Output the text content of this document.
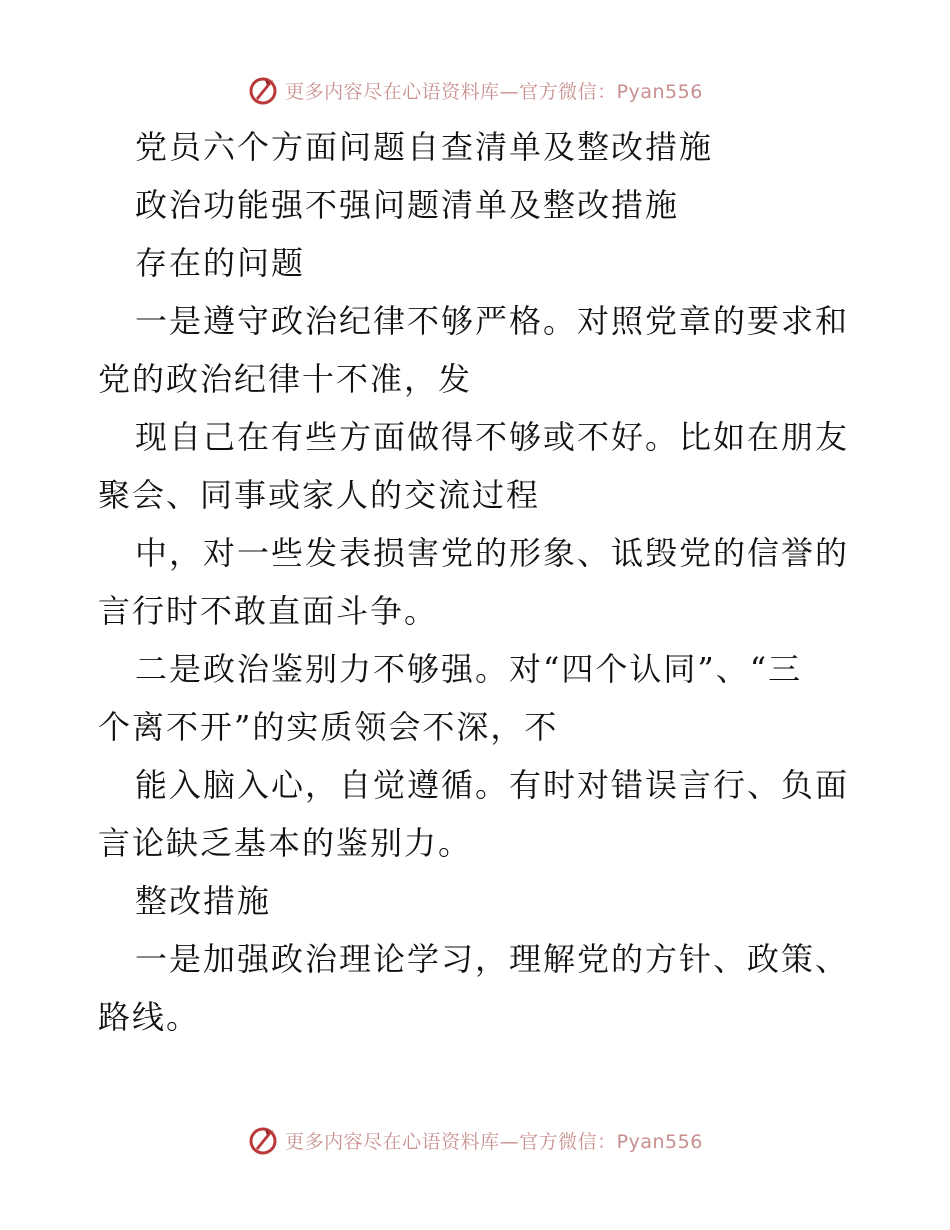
更多内容尽在心语资料库—官方微信：Pyan556
党员六个方面问题自查清单及整改措施
政治功能强不强问题清单及整改措施
存在的问题
一是遵守政治纪律不够严格。对照党章的要求和
党的政治纪律十不准，发
现自己在有些方面做得不够或不好。比如在朋友
聚会、同事或家人的交流过程
中，对一些发表损害党的形象、诋毁党的信誉的
言行时不敢直面斗争。
二是政治鉴别力不够强。对“四个认同”、“三
个离不开”的实质领会不深，不
能入脑入心，自觉遵循。有时对错误言行、负面
言论缺乏基本的鉴别力。
整改措施
一是加强政治理论学习，理解党的方针、政策、
路线。
更多内容尽在心语资料库—官方微信：Pyan556
